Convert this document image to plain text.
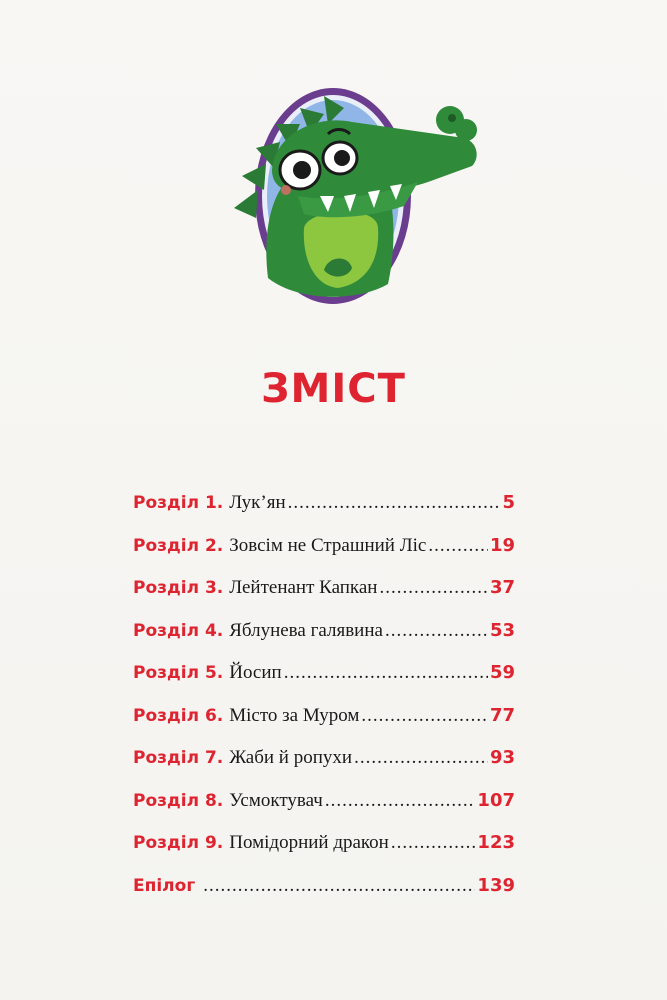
ЗМІСТ
Розділ 1. Лук’ян .....	5
Розділ 2. Зовсім не Страшний Ліс .....	19
Розділ 3. Лейтенант Капкан .....	37
Розділ 4. Яблунева галявина .....	53
Розділ 5. Йосип .....	59
Розділ 6. Місто за Муром .....	77
Розділ 7. Жаби й ропухи .....	93
Розділ 8. Усмоктувач .....	107
Розділ 9. Помідорний дракон .....	123
Епілог .....	139
